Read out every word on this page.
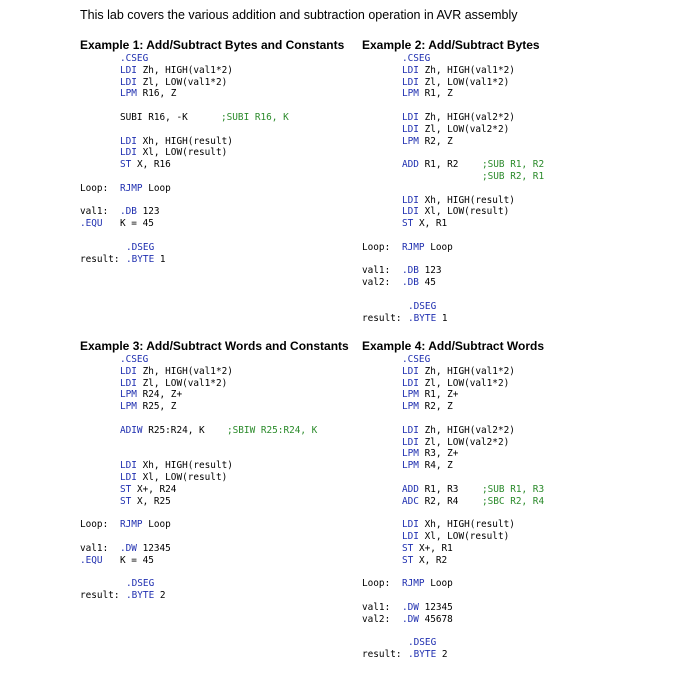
This lab covers the various addition and subtraction operation in AVR assembly
Example 1: Add/Subtract Bytes and Constants
.CSEG
LDI Zh, HIGH(val1*2)
LDI Zl, LOW(val1*2)
LPM R16, Z
SUBI R16, -K	;SUBI R16, K
LDI Xh, HIGH(result)
LDI Xl, LOW(result)
ST X, R16
Loop: RJMP Loop
val1: .DB 123
.EQU K = 45
.DSEG
result: .BYTE 1
Example 2: Add/Subtract Bytes
.CSEG
LDI Zh, HIGH(val1*2)
LDI Zl, LOW(val1*2)
LPM R1, Z
LDI Zh, HIGH(val2*2)
LDI Zl, LOW(val2*2)
LPM R2, Z
ADD R1, R2	;SUB R1, R2
;SUB R2, R1
LDI Xh, HIGH(result)
LDI Xl, LOW(result)
ST X, R1
Loop: RJMP Loop
val1: .DB 123
val2: .DB 45
.DSEG
result: .BYTE 1
Example 3: Add/Subtract Words and Constants
.CSEG
LDI Zh, HIGH(val1*2)
LDI Zl, LOW(val1*2)
LPM R24, Z+
LPM R25, Z
ADIW R25:R24, K ;SBIW R25:R24, K
LDI Xh, HIGH(result)
LDI Xl, LOW(result)
ST X+, R24
ST X, R25
Loop: RJMP Loop
val1: .DW 12345
.EQU K = 45
.DSEG
result: .BYTE 2
Example 4: Add/Subtract Words
.CSEG
LDI Zh, HIGH(val1*2)
LDI Zl, LOW(val1*2)
LPM R1, Z+
LPM R2, Z
LDI Zh, HIGH(val2*2)
LDI Zl, LOW(val2*2)
LPM R3, Z+
LPM R4, Z
ADD R1, R3	;SUB R1, R3
ADC R2, R4	;SBC R2, R4
LDI Xh, HIGH(result)
LDI Xl, LOW(result)
ST X+, R1
ST X, R2
Loop: RJMP Loop
val1: .DW 12345
val2: .DW 45678
.DSEG
result: .BYTE 2
